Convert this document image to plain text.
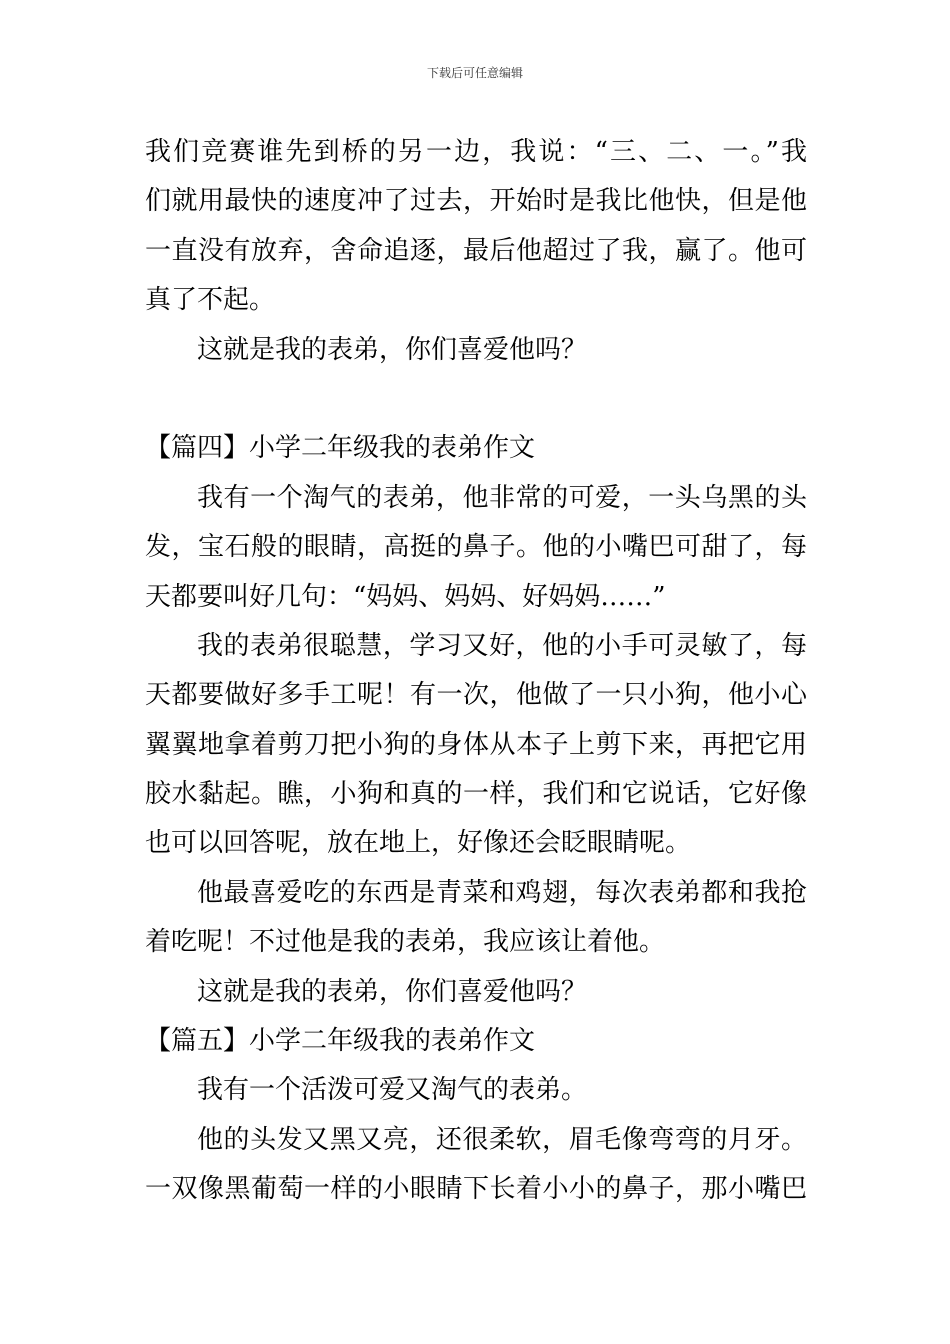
下载后可任意编辑
我们竞赛谁先到桥的另一边，我说：“三、二、一。”我
们就用最快的速度冲了过去，开始时是我比他快，但是他
一直没有放弃，舍命追逐，最后他超过了我，赢了。他可
真了不起。
这就是我的表弟，你们喜爱他吗？
【篇四】小学二年级我的表弟作文
我有一个淘气的表弟，他非常的可爱，一头乌黑的头
发，宝石般的眼睛，高挺的鼻子。他的小嘴巴可甜了，每
天都要叫好几句：“妈妈、妈妈、好妈妈……”
我的表弟很聪慧，学习又好，他的小手可灵敏了，每
天都要做好多手工呢！有一次，他做了一只小狗，他小心
翼翼地拿着剪刀把小狗的身体从本子上剪下来，再把它用
胶水黏起。瞧，小狗和真的一样，我们和它说话，它好像
也可以回答呢，放在地上，好像还会眨眼睛呢。
他最喜爱吃的东西是青菜和鸡翅，每次表弟都和我抢
着吃呢！不过他是我的表弟，我应该让着他。
这就是我的表弟，你们喜爱他吗？
【篇五】小学二年级我的表弟作文
我有一个活泼可爱又淘气的表弟。
他的头发又黑又亮，还很柔软，眉毛像弯弯的月牙。
一双像黑葡萄一样的小眼睛下长着小小的鼻子，那小嘴巴
